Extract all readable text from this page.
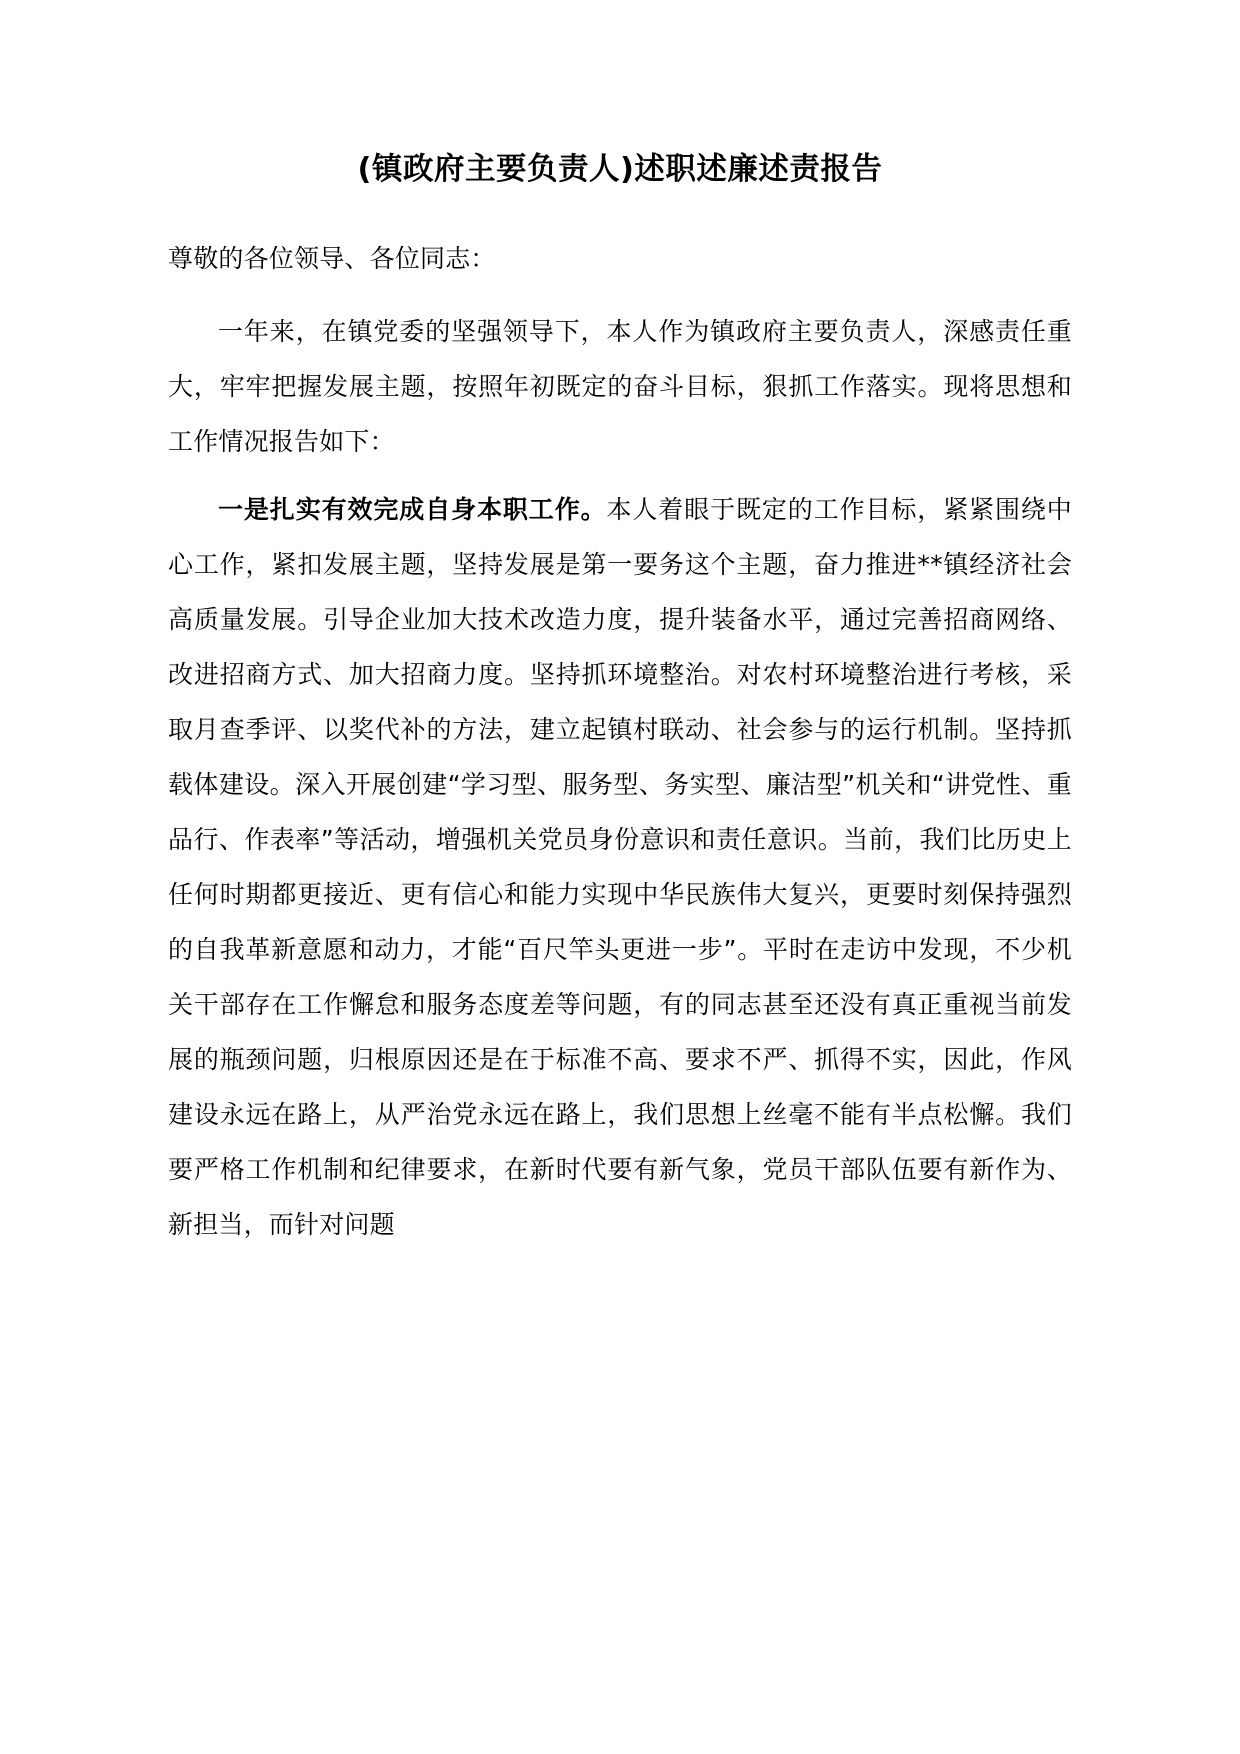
(镇政府主要负责人)述职述廉述责报告

尊敬的各位领导、各位同志：

一年来，在镇党委的坚强领导下，本人作为镇政府主要负责人，深感责任重大，牢牢把握发展主题，按照年初既定的奋斗目标，狠抓工作落实。现将思想和工作情况报告如下：

一是扎实有效完成自身本职工作。本人着眼于既定的工作目标，紧紧围绕中心工作，紧扣发展主题，坚持发展是第一要务这个主题，奋力推进**镇经济社会高质量发展。引导企业加大技术改造力度，提升装备水平，通过完善招商网络、改进招商方式、加大招商力度。坚持抓环境整治。对农村环境整治进行考核，采取月查季评、以奖代补的方法，建立起镇村联动、社会参与的运行机制。坚持抓载体建设。深入开展创建“学习型、服务型、务实型、廉洁型”机关和“讲党性、重品行、作表率”等活动，增强机关党员身份意识和责任意识。当前，我们比历史上任何时期都更接近、更有信心和能力实现中华民族伟大复兴，更要时刻保持强烈的自我革新意愿和动力，才能“百尺竿头更进一步”。平时在走访中发现，不少机关干部存在工作懈怠和服务态度差等问题，有的同志甚至还没有真正重视当前发展的瓶颈问题，归根原因还是在于标准不高、要求不严、抓得不实，因此，作风建设永远在路上，从严治党永远在路上，我们思想上丝毫不能有半点松懈。我们要严格工作机制和纪律要求，在新时代要有新气象，党员干部队伍要有新作为、新担当，而针对问题
